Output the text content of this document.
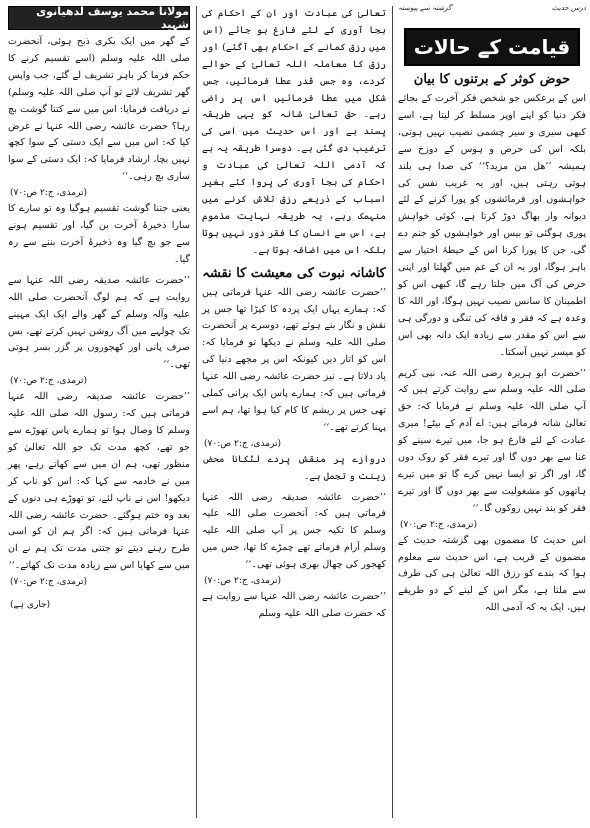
درس حدیث
گزشتہ سے پیوستہ
قیامت کے حالات
حوض کوثر کے برتنوں کا بیان

اس کے برعکس جو شخص فکر آخرت کے بجائے فکر دنیا کو اپنے اوپر مسلط کر لیتا ہے، اسے کبھی سیری و سیر چشمی نصیب نہیں ہوتی، بلکہ اس کی حرص و ہوس کے دوزخ سے ہمیشہ ’’ھل من مزید؟‘‘ کی صدا ہی بلند ہوتی رہتی ہیں، اور یہ غریب نفس کی خواہشوں اور فرمائشوں کو پورا کرنے کے لئے دیوانہ وار بھاگ دوڑ کرتا ہے، کوئی خواہش پوری ہوگئی تو بیس اور خواہشوں کو جنم دے گی، جن کا پورا کرنا اس کے حیطۂ اختیار سے باہر ہوگا، اور یہ ان کے غم میں گھلتا اور اپنی حرص کی آگ میں جلتا رہے گا، کبھی اس کو اطمینان کا سانس نصیب نہیں ہوگا، اور اللہ کا وعدہ ہے کہ فقر و فاقہ کی تنگی و دورگی ہی سے اس کو مقدر سے زیادہ ایک دانہ بھی اس کو میسر نہیں آسکتا۔

’’حضرت ابو ہریرہ رضی اللہ عنہ، نبی کریم صلی اللہ علیہ وسلم سے روایت کرتے ہیں کہ آپ صلی اللہ علیہ وسلم نے فرمایا کہ: حق تعالیٰ شانہ فرماتے ہیں: اے آدم کے بیٹے! میری عبادت کے لئے فارغ ہو جا، میں تیرے سینے کو غنا سے بھر دوں گا اور تیرے فقر کو روک دوں گا، اور اگر تو ایسا نہیں کرے گا تو میں تیرے ہاتھوں کو مشغولیت سے بھر دوں گا اور تیرے فقر کو بند نہیں روکوں گا۔‘‘

(ترمذی، ج:۲ ص:۷۰)

اس حدیث کا مضمون بھی گزشتہ حدیث کے مضمون کے قریب ہے، اس حدیث سے معلوم ہوا کہ بندے کو رزق اللہ تعالیٰ ہی کی طرف سے ملتا ہے، مگر اس کے لینے کے دو طریقے ہیں، ایک یہ کہ آدمی اللہ

تعالیٰ کی عبادت اور ان کے احکام کی بجا آوری کے لئے فارغ ہو جائے (اس میں رزق کمانے کے احکام بھی آگئے) اور رزق کا معاملہ اللہ تعالیٰ کے حوالے کردے، وہ جس قدر عطا فرمائیں، جس شکل میں عطا فرمائیں اس پر راضی رہے۔ حق تعالیٰ شانہ کو یہی طریقہ پسند ہے اور اس حدیث میں اسی کی ترغیب دی گئی ہے۔ دوسرا طریقہ یہ ہے کہ آدمی اللہ تعالیٰ کی عبادت و احکام کی بجا آوری کی پروا کئے بغیر اسباب کے ذریعے رزق تلاش کرنے میں منہمک رہے، یہ طریقہ نہایت مذموم ہے، اس سے انسان کا فقر دور نہیں ہوتا بلکہ اس میں اضافہ ہوتا ہے۔

کاشانہ نبوت کی معیشت کا نقشہ

’’حضرت عائشہ رضی اللہ عنہا فرماتی ہیں کہ: ہمارے یہاں ایک پردہ کا کپڑا تھا جس پر نقش و نگار بنے ہوئے تھے، دوسرے پر آنحضرت صلی اللہ علیہ وسلم نے دیکھا تو فرمایا کہ: اس کو اتار دیں کیونکہ اس پر مجھے دنیا کی یاد دلاتا ہے۔ نیز حضرت عائشہ رضی اللہ عنہا فرماتی ہیں کہ: ہمارے پاس ایک پرانی کملی تھی جس پر ریشم کا کام کیا ہوا تھا، ہم اسے پہنا کرتے تھے۔‘‘

(ترمذی، ج:۲ ص:۷۰)

دروازے پر منقش پردے لٹکانا محض زینت و تجمل ہے۔

’’حضرت عائشہ صدیقہ رضی اللہ عنہا فرماتی ہیں کہ: آنحضرت صلی اللہ علیہ وسلم کا تکیہ جس پر آپ صلی اللہ علیہ وسلم آرام فرماتے تھے چمڑے کا تھا، جس میں کھجور کی چھال بھری ہوئی تھی۔‘‘

(ترمذی، ج:۲ ص:۷۰)

’’حضرت عائشہ رضی اللہ عنہا سے روایت ہے کہ حضرت صلی اللہ علیہ وسلم

مولانا محمد یوسف لدھیانوی شہید

کے گھر میں ایک بکری ذبح ہوئی، آنحضرت صلی اللہ علیہ وسلم (اسے تقسیم کرنے کا حکم فرما کر باہر تشریف لے گئے، جب واپس گھر تشریف لائے تو آپ صلی اللہ علیہ وسلم) نے دریافت فرمایا: اس میں سے کتنا گوشت بچ رہا؟ حضرت عائشہ رضی اللہ عنہا نے عرض کیا کہ: اس میں سے ایک دستی کے سوا کچھ نہیں بچا، ارشاد فرمایا کہ: ایک دستی کے سوا ساری بچ رہی۔‘‘

(ترمذی، ج:۲ ص:۷۰)

یعنی جتنا گوشت تقسیم ہوگیا وہ تو سارے کا سارا ذخیرۂ آخرت بن گیا، اور تقسیم ہونے سے جو بچ گیا وہ ذخیرۂ آخرت بننے سے رہ گیا۔

’’حضرت عائشہ صدیقہ رضی اللہ عنہا سے روایت ہے کہ ہم لوگ آنحضرت صلی اللہ علیہ وآلہ وسلم کے گھر والے ایک ایک مہینے تک چولہے میں آگ روشن نہیں کرتے تھے، بس صرف پانی اور کھجوروں پر گزر بسر ہوتی تھی۔‘‘

(ترمذی، ج:۲ ص:۷۰)

’’حضرت عائشہ صدیقہ رضی اللہ عنہا فرماتی ہیں کہ: رسول اللہ صلی اللہ علیہ وسلم کا وصال ہوا تو ہمارے پاس تھوڑے سے جو تھے، کچھ مدت تک جو اللہ تعالیٰ کو منظور تھی، ہم ان میں سے کھاتے رہے، پھر میں نے خادمہ سے کہا کہ: اس کو ناپ کر دیکھو! اس نے ناپ لئے، تو تھوڑے ہی دنوں کے بعد وہ ختم ہوگئے۔ حضرت عائشہ رضی اللہ عنہا فرماتی ہیں کہ: اگر ہم ان کو اسی طرح رہنے دیتے تو جتنی مدت تک ہم نے ان میں سے کھایا اس سے زیادہ مدت تک کھاتے۔‘‘

(ترمذی، ج:۲ ص:۷۰)
(جاری ہے)
